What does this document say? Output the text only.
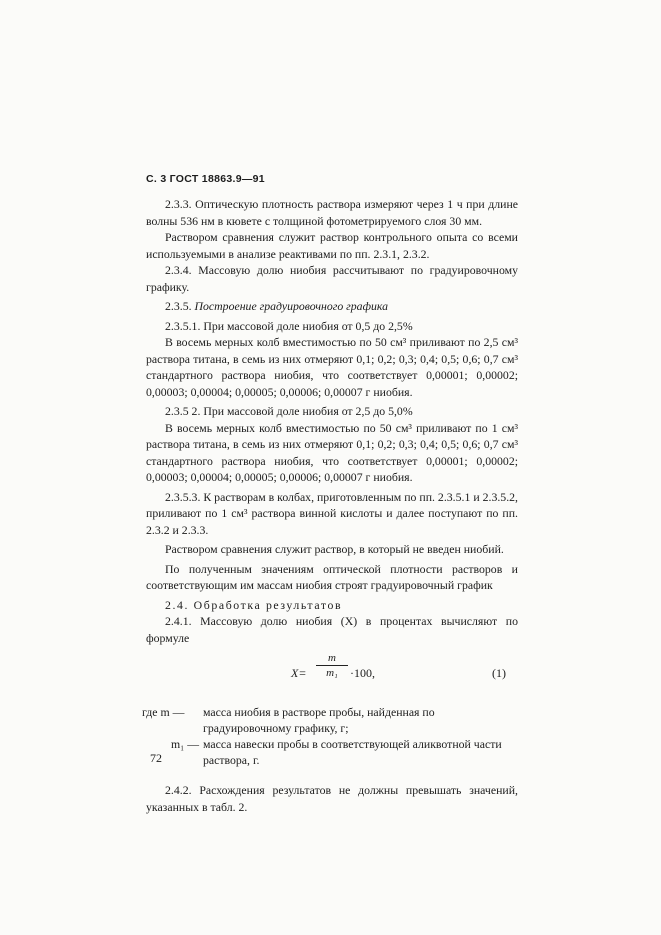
С. 3 ГОСТ 18863.9—91

2.3.3. Оптическую плотность раствора измеряют через 1 ч при длине волны 536 нм в кювете с толщиной фотометрируемого слоя 30 мм.

Раствором сравнения служит раствор контрольного опыта со всеми используемыми в анализе реактивами по пп. 2.3.1, 2.3.2.

2.3.4. Массовую долю ниобия рассчитывают по градуировочному графику.

2.3.5. Построение градуировочного графика

2.3.5.1. При массовой доле ниобия от 0,5 до 2,5%

В восемь мерных колб вместимостью по 50 см³ приливают по 2,5 см³ раствора титана, в семь из них отмеряют 0,1; 0,2; 0,3; 0,4; 0,5; 0,6; 0,7 см³ стандартного раствора ниобия, что соответствует 0,00001; 0,00002; 0,00003; 0,00004; 0,00005; 0,00006; 0,00007 г ниобия.

2.3.5 2. При массовой доле ниобия от 2,5 до 5,0%

В восемь мерных колб вместимостью по 50 см³ приливают по 1 см³ раствора титана, в семь из них отмеряют 0,1; 0,2; 0,3; 0,4; 0,5; 0,6; 0,7 см³ стандартного раствора ниобия, что соответствует 0,00001; 0,00002; 0,00003; 0,00004; 0,00005; 0,00006; 0,00007 г ниобия.

2.3.5.3. К растворам в колбах, приготовленным по пп. 2.3.5.1 и 2.3.5.2, приливают по 1 см³ раствора винной кислоты и далее поступают по пп. 2.3.2 и 2.3.3.

Раствором сравнения служит раствор, в который не введен ниобий.

По полученным значениям оптической плотности растворов и соответствующим им массам ниобия строят градуировочный график

2.4. Обработка результатов

2.4.1. Массовую долю ниобия (X) в процентах вычисляют по формуле

X=
m
m₁	·100,	(1)
где m —	масса ниобия в растворе пробы, найденная по градуировочному графику, г;
m₁ — масса навески пробы в соответствующей аликвотной части раствора, г.

2.4.2. Расхождения результатов не должны превышать значений, указанных в табл. 2.

72
